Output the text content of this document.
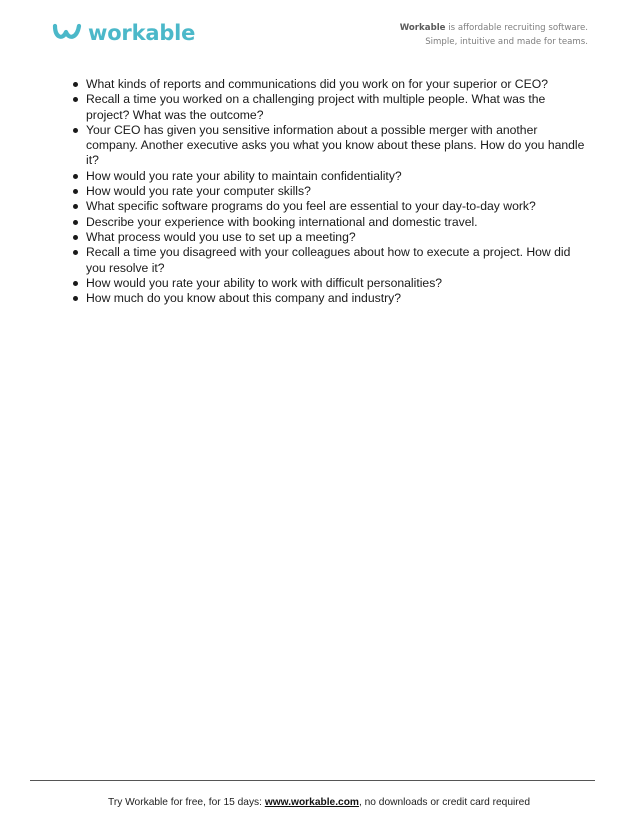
workable	Workable is affordable recruiting software.
Simple, intuitive and made for teams.
What kinds of reports and communications did you work on for your superior or CEO?
Recall a time you worked on a challenging project with multiple people. What was the project? What was the outcome?
Your CEO has given you sensitive information about a possible merger with another company. Another executive asks you what you know about these plans. How do you handle it?
How would you rate your ability to maintain confidentiality?
How would you rate your computer skills?
What specific software programs do you feel are essential to your day-to-day work?
Describe your experience with booking international and domestic travel.
What process would you use to set up a meeting?
Recall a time you disagreed with your colleagues about how to execute a project. How did you resolve it?
How would you rate your ability to work with difficult personalities?
How much do you know about this company and industry?
Try Workable for free, for 15 days: www.workable.com, no downloads or credit card required
